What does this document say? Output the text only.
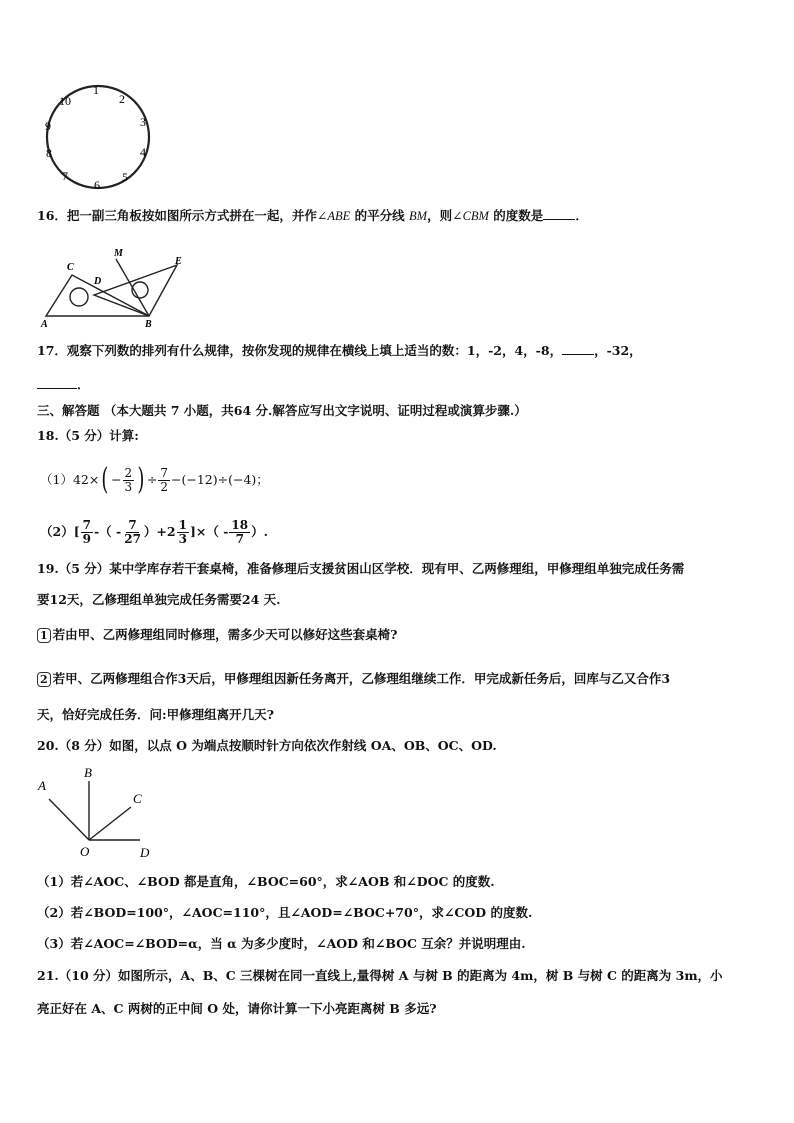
1
2
3
4
5
6
7
8
9
10
16．把一副三角板按如图所示方式拼在一起，并作∠ABE 的平分线 BM，则∠CBM 的度数是	．
C
D
M
E
A	B
17．观察下列数的排列有什么规律，按你发现的规律在横线上填上适当的数：1，-2，4，-8，	，-32，
．
三、解答题 （本大题共 7 小题，共64 分.解答应写出文字说明、证明过程或演算步骤.）
18.（5 分）计算:
（1） 42× ( − $\frac{2}{3}$ ) ÷ $\frac{7}{2} -(-12)\div(-4)$；
$(2)[ \frac{7}{9}$ -（ - $\frac{7}{27} )+2 \frac{1}{3}$ ]×（ - $\frac{18}{7}$ ）.
19.（5 分）某中学库存若干套桌椅，准备修理后支援贫困山区学校．现有甲、乙两修理组，甲修理组单独完成任务需
要12天，乙修理组单独完成任务需要24 天.
1 若由甲、乙两修理组同时修理，需多少天可以修好这些套桌椅?
2 若甲、乙两修理组合作3天后，甲修理组因新任务离开，乙修理组继续工作．甲完成新任务后，回库与乙又合作3
天，恰好完成任务．问:甲修理组离开几天?
20.（8 分）如图，以点 O 为端点按顺时针方向依次作射线 OA、OB、OC、OD.
A
B
C
O	D
（1）若∠AOC、∠BOD 都是直角，∠BOC=60°，求∠AOB 和∠DOC 的度数.
（2）若∠BOD=100°，∠AOC=110°，且∠AOD=∠BOC+70°，求∠COD 的度数.
（3）若∠AOC=∠BOD=α，当 α 为多少度时，∠AOD 和∠BOC 互余？并说明理由.
21.（10 分）如图所示，A、B、C 三棵树在同一直线上,量得树 A 与树 B 的距离为 4m，树 B 与树 C 的距离为 3m，小
亮正好在 A、C 两树的正中间 O 处，请你计算一下小亮距离树 B 多远?
